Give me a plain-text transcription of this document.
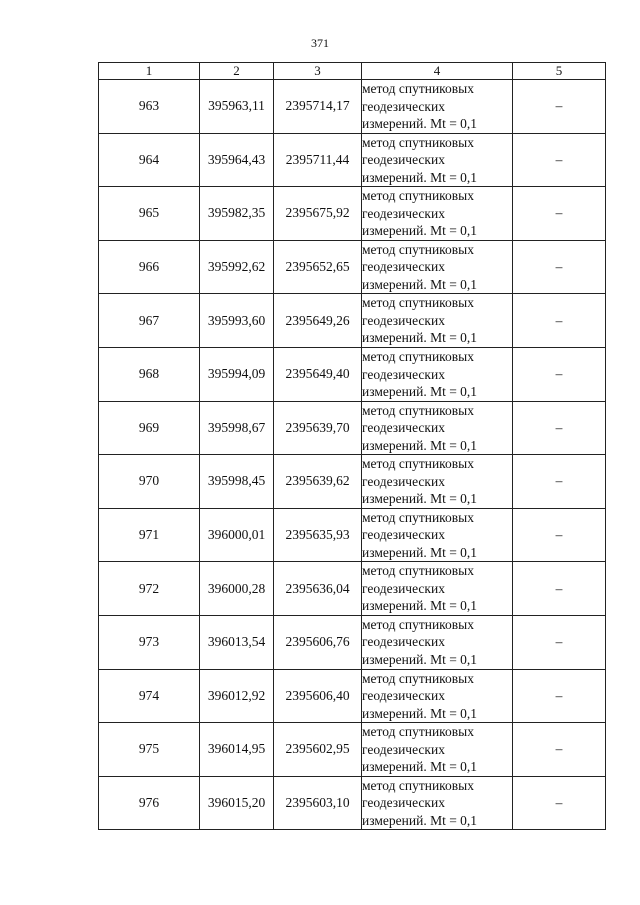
371
1	2	3	4	5
963	395963,11	2395714,17	метод спутниковых
геодезических
измерений. Mt = 0,1	–
964	395964,43	2395711,44	метод спутниковых
геодезических
измерений. Mt = 0,1	–
965	395982,35	2395675,92	метод спутниковых
геодезических
измерений. Mt = 0,1	–
966	395992,62	2395652,65	метод спутниковых
геодезических
измерений. Mt = 0,1	–
967	395993,60	2395649,26	метод спутниковых
геодезических
измерений. Mt = 0,1	–
968	395994,09	2395649,40	метод спутниковых
геодезических
измерений. Mt = 0,1	–
969	395998,67	2395639,70	метод спутниковых
геодезических
измерений. Mt = 0,1	–
970	395998,45	2395639,62	метод спутниковых
геодезических
измерений. Mt = 0,1	–
971	396000,01	2395635,93	метод спутниковых
геодезических
измерений. Mt = 0,1	–
972	396000,28	2395636,04	метод спутниковых
геодезических
измерений. Mt = 0,1	–
973	396013,54	2395606,76	метод спутниковых
геодезических
измерений. Mt = 0,1	–
974	396012,92	2395606,40	метод спутниковых
геодезических
измерений. Mt = 0,1	–
975	396014,95	2395602,95	метод спутниковых
геодезических
измерений. Mt = 0,1	–
976	396015,20	2395603,10	метод спутниковых
геодезических
измерений. Mt = 0,1	–
